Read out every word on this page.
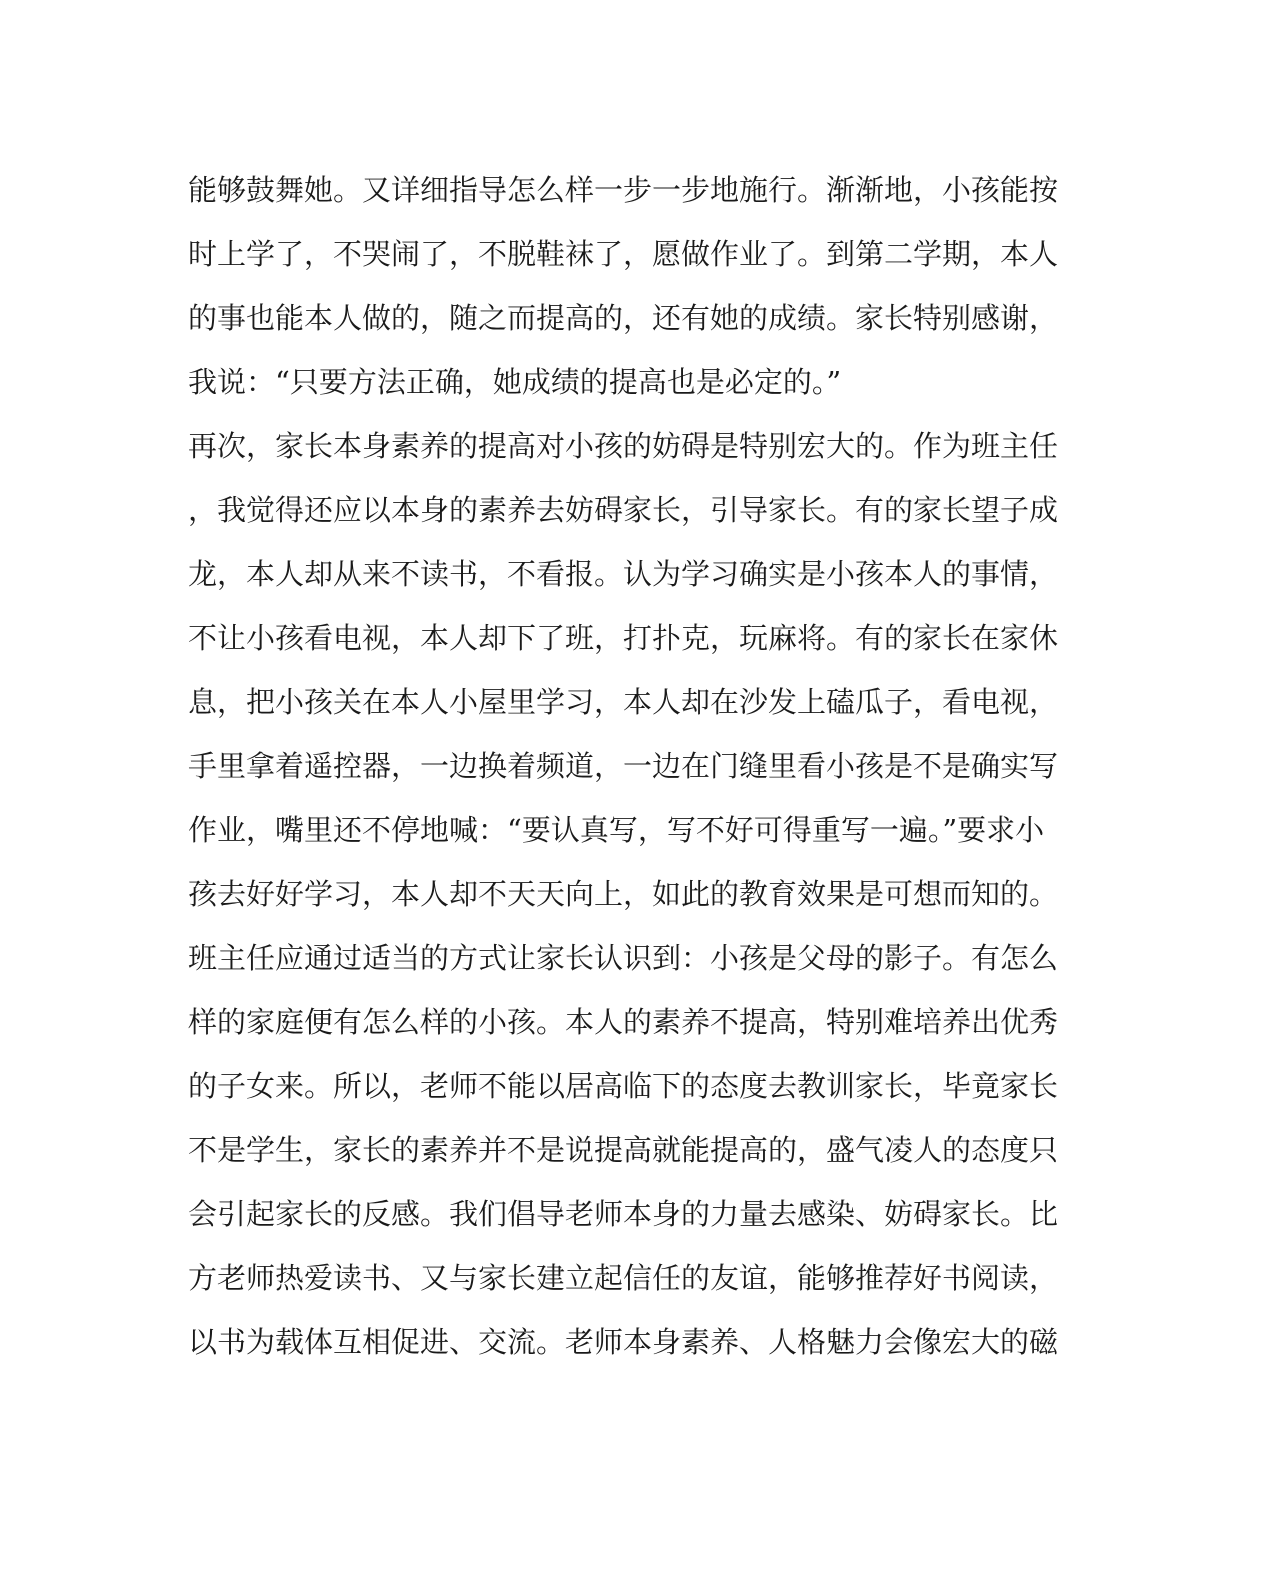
能够鼓舞她。又详细指导怎么样一步一步地施行。渐渐地，小孩能按
时上学了，不哭闹了，不脱鞋袜了，愿做作业了。到第二学期，本人
的事也能本人做的，随之而提高的，还有她的成绩。家长特别感谢，
我说：“只要方法正确，她成绩的提高也是必定的。”
再次，家长本身素养的提高对小孩的妨碍是特别宏大的。作为班主任
，我觉得还应以本身的素养去妨碍家长，引导家长。有的家长望子成
龙，本人却从来不读书，不看报。认为学习确实是小孩本人的事情，
不让小孩看电视，本人却下了班，打扑克，玩麻将。有的家长在家休
息，把小孩关在本人小屋里学习，本人却在沙发上磕瓜子，看电视，
手里拿着遥控器，一边换着频道，一边在门缝里看小孩是不是确实写
作业，嘴里还不停地喊：“要认真写，写不好可得重写一遍。”要求小
孩去好好学习，本人却不天天向上，如此的教育效果是可想而知的。
班主任应通过适当的方式让家长认识到：小孩是父母的影子。有怎么
样的家庭便有怎么样的小孩。本人的素养不提高，特别难培养出优秀
的子女来。所以，老师不能以居高临下的态度去教训家长，毕竟家长
不是学生，家长的素养并不是说提高就能提高的，盛气凌人的态度只
会引起家长的反感。我们倡导老师本身的力量去感染、妨碍家长。比
方老师热爱读书、又与家长建立起信任的友谊，能够推荐好书阅读，
以书为载体互相促进、交流。老师本身素养、人格魅力会像宏大的磁
